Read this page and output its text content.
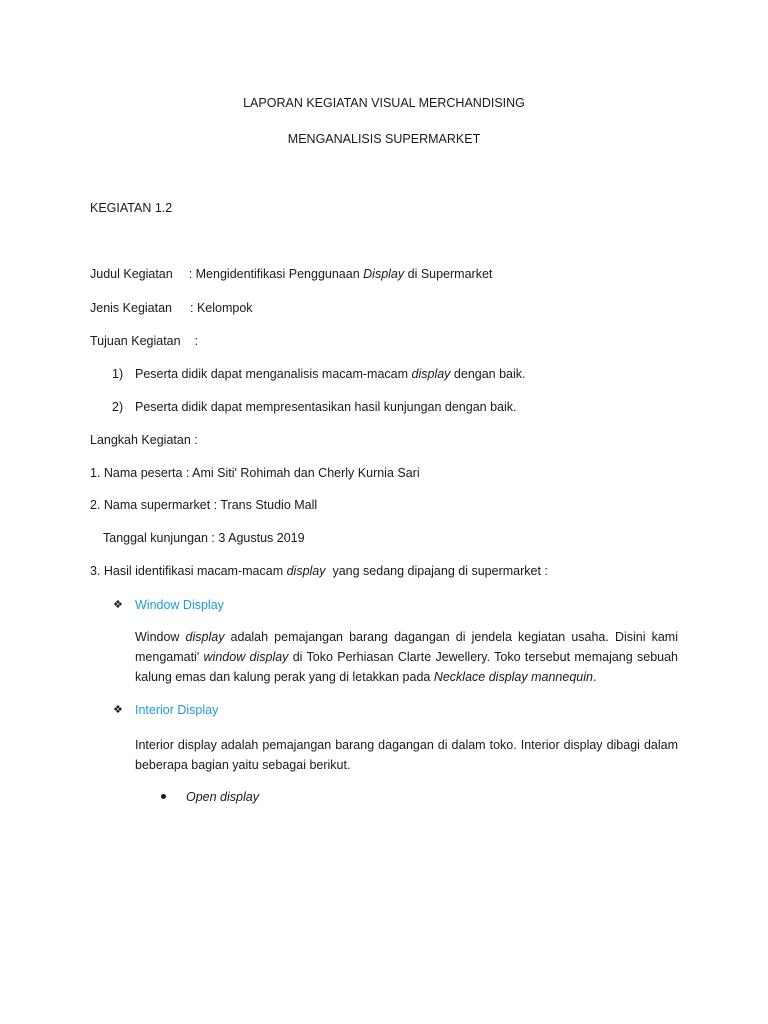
LAPORAN KEGIATAN VISUAL MERCHANDISING
MENGANALISIS SUPERMARKET
KEGIATAN 1.2
Judul Kegiatan : Mengidentifikasi Penggunaan Display di Supermarket
Jenis Kegiatan : Kelompok
Tujuan Kegiatan :
1) Peserta didik dapat menganalisis macam-macam display dengan baik.
2) Peserta didik dapat mempresentasikan hasil kunjungan dengan baik.
Langkah Kegiatan :
1. Nama peserta : Ami Siti' Rohimah dan Cherly Kurnia Sari
2. Nama supermarket : Trans Studio Mall
Tanggal kunjungan : 3 Agustus 2019
3. Hasil identifikasi macam-macam display  yang sedang dipajang di supermarket :
❖ Window Display
Window display adalah pemajangan barang dagangan di jendela kegiatan usaha. Disini kami
mengamati' window display di Toko Perhiasan Clarte Jewellery. Toko tersebut memajang sebuah
kalung emas dan kalung perak yang di letakkan pada Necklace display mannequin.
❖ Interior Display
Interior display adalah pemajangan barang dagangan di dalam toko. Interior display dibagi dalam
beberapa bagian yaitu sebagai berikut.
Open display
